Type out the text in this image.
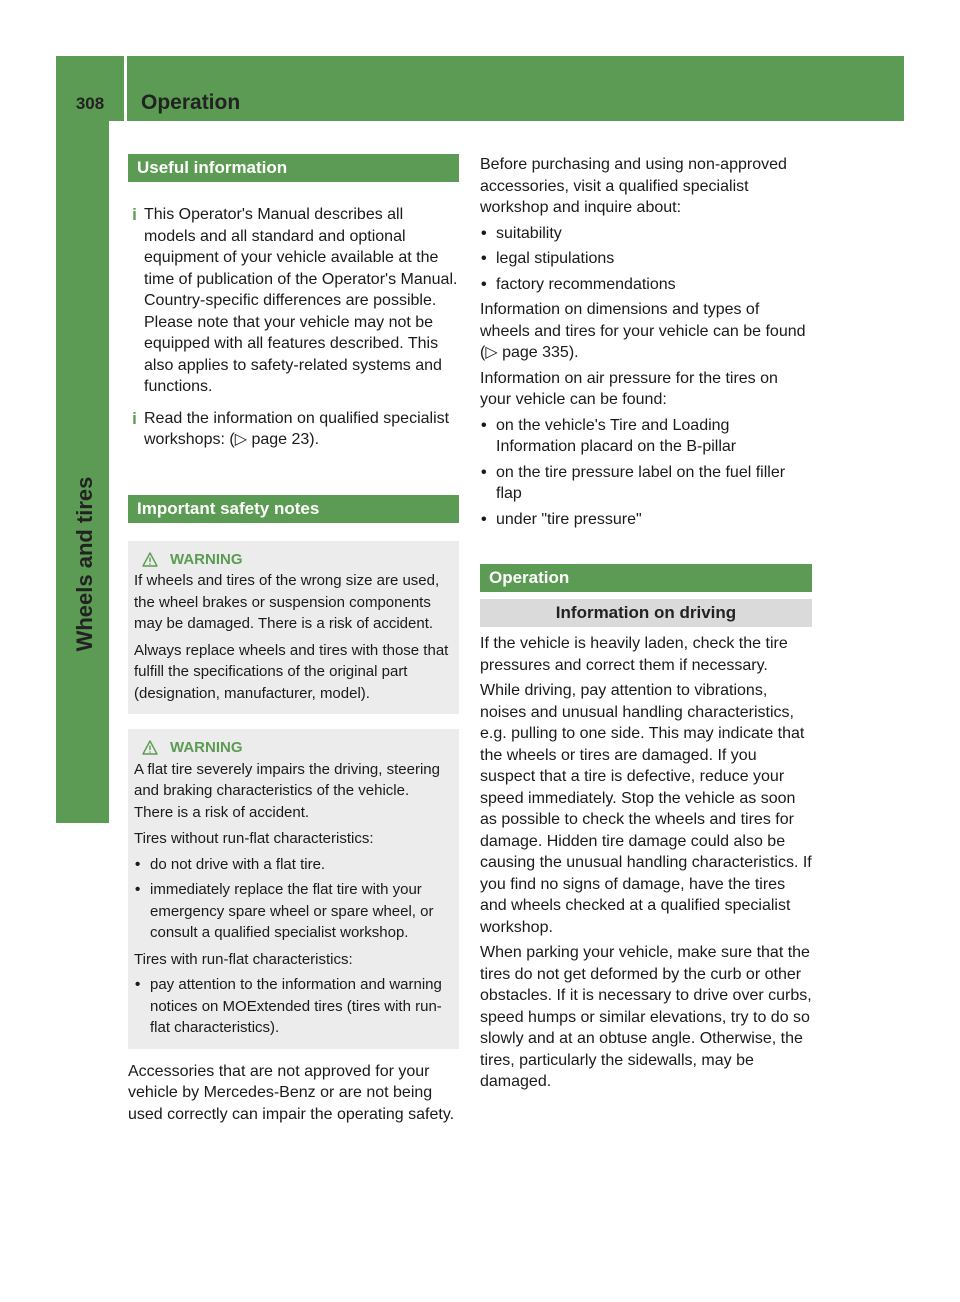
308	Operation
Wheels and tires
Useful information
i This Operator's Manual describes all models and all standard and optional equipment of your vehicle available at the time of publication of the Operator's Manual. Country-specific differences are possible. Please note that your vehicle may not be equipped with all features described. This also applies to safety-related systems and functions.
i Read the information on qualified specialist workshops: (▷ page 23).
Important safety notes
WARNING

If wheels and tires of the wrong size are used, the wheel brakes or suspension components may be damaged. There is a risk of accident.

Always replace wheels and tires with those that fulfill the specifications of the original part (designation, manufacturer, model).

WARNING

A flat tire severely impairs the driving, steering and braking characteristics of the vehicle. There is a risk of accident.

Tires without run-flat characteristics:

• do not drive with a flat tire.
• immediately replace the flat tire with your emergency spare wheel or spare wheel, or consult a qualified specialist workshop.

Tires with run-flat characteristics:

• pay attention to the information and warning notices on MOExtended tires (tires with run-flat characteristics).

Accessories that are not approved for your vehicle by Mercedes-Benz or are not being used correctly can impair the operating safety.

Before purchasing and using non-approved accessories, visit a qualified specialist workshop and inquire about:

• suitability
• legal stipulations
• factory recommendations

Information on dimensions and types of wheels and tires for your vehicle can be found (▷ page 335).

Information on air pressure for the tires on your vehicle can be found:

• on the vehicle's Tire and Loading Information placard on the B-pillar
• on the tire pressure label on the fuel filler flap
• under "tire pressure"
Operation
Information on driving

If the vehicle is heavily laden, check the tire pressures and correct them if necessary.

While driving, pay attention to vibrations, noises and unusual handling characteristics, e.g. pulling to one side. This may indicate that the wheels or tires are damaged. If you suspect that a tire is defective, reduce your speed immediately. Stop the vehicle as soon as possible to check the wheels and tires for damage. Hidden tire damage could also be causing the unusual handling characteristics. If you find no signs of damage, have the tires and wheels checked at a qualified specialist workshop.

When parking your vehicle, make sure that the tires do not get deformed by the curb or other obstacles. If it is necessary to drive over curbs, speed humps or similar elevations, try to do so slowly and at an obtuse angle. Otherwise, the tires, particularly the sidewalls, may be damaged.
